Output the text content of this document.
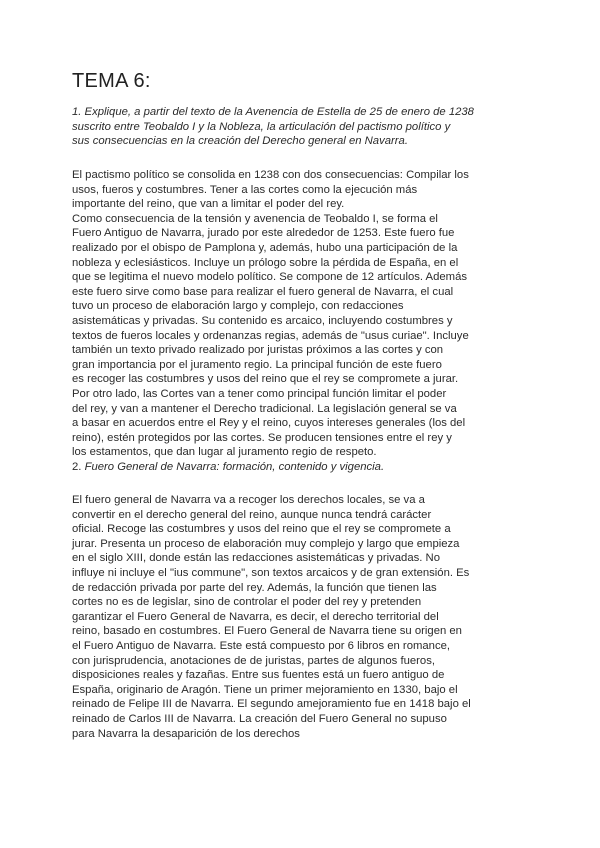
TEMA 6:
1. Explique, a partir del texto de la Avenencia de Estella de 25 de enero de 1238
suscrito entre Teobaldo I y la Nobleza, la articulación del pactismo político y
sus consecuencias en la creación del Derecho general en Navarra.
El pactismo político se consolida en 1238 con dos consecuencias: Compilar los
usos, fueros y costumbres. Tener a las cortes como la ejecución más
importante del reino, que van a limitar el poder del rey.
Como consecuencia de la tensión y avenencia de Teobaldo I, se forma el
Fuero Antiguo de Navarra, jurado por este alrededor de 1253. Este fuero fue
realizado por el obispo de Pamplona y, además, hubo una participación de la
nobleza y eclesiásticos. Incluye un prólogo sobre la pérdida de España, en el
que se legitima el nuevo modelo político. Se compone de 12 artículos. Además
este fuero sirve como base para realizar el fuero general de Navarra, el cual
tuvo un proceso de elaboración largo y complejo, con redacciones
asistemáticas y privadas. Su contenido es arcaico, incluyendo costumbres y
textos de fueros locales y ordenanzas regias, además de "usus curiae". Incluye
también un texto privado realizado por juristas próximos a las cortes y con
gran importancia por el juramento regio. La principal función de este fuero
es recoger las costumbres y usos del reino que el rey se compromete a jurar.
Por otro lado, las Cortes van a tener como principal función limitar el poder
del rey, y van a mantener el Derecho tradicional. La legislación general se va
a basar en acuerdos entre el Rey y el reino, cuyos intereses generales (los del
reino), estén protegidos por las cortes. Se producen tensiones entre el rey y
los estamentos, que dan lugar al juramento regio de respeto.
2. Fuero General de Navarra: formación, contenido y vigencia.
El fuero general de Navarra va a recoger los derechos locales, se va a
convertir en el derecho general del reino, aunque nunca tendrá carácter
oficial. Recoge las costumbres y usos del reino que el rey se compromete a
jurar. Presenta un proceso de elaboración muy complejo y largo que empieza
en el siglo XIII, donde están las redacciones asistemáticas y privadas. No
influye ni incluye el "ius commune", son textos arcaicos y de gran extensión. Es
de redacción privada por parte del rey. Además, la función que tienen las
cortes no es de legislar, sino de controlar el poder del rey y pretenden
garantizar el Fuero General de Navarra, es decir, el derecho territorial del
reino, basado en costumbres. El Fuero General de Navarra tiene su origen en
el Fuero Antiguo de Navarra. Este está compuesto por 6 libros en romance,
con jurisprudencia, anotaciones de de juristas, partes de algunos fueros,
disposiciones reales y fazañas. Entre sus fuentes está un fuero antiguo de
España, originario de Aragón. Tiene un primer mejoramiento en 1330, bajo el
reinado de Felipe III de Navarra. El segundo amejoramiento fue en 1418 bajo el
reinado de Carlos III de Navarra. La creación del Fuero General no supuso
para Navarra la desaparición de los derechos
